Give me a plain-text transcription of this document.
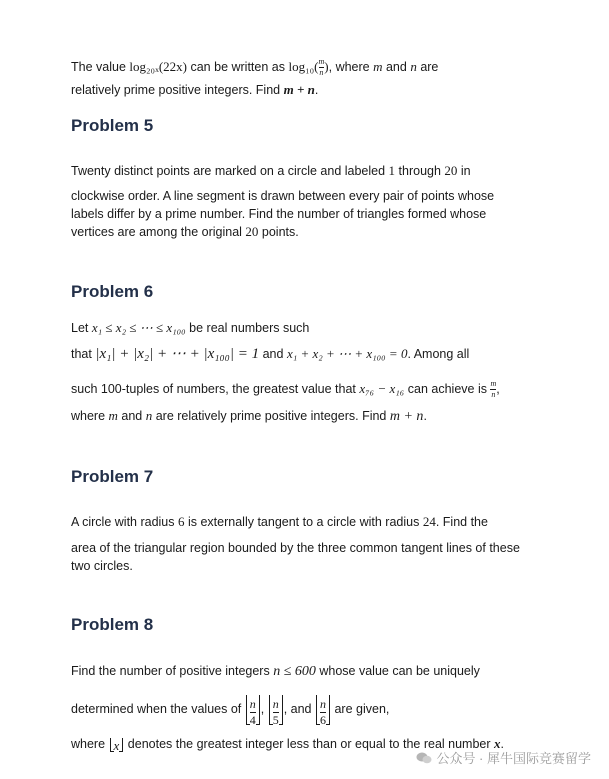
The value log₂₀ₓ(22x) can be written as $\log_{10}( \frac{m}{n}$ ), where m and n are
relatively prime positive integers. Find m + n.
Problem 5
Twenty distinct points are marked on a circle and labeled 1 through 20 in
clockwise order. A line segment is drawn between every pair of points whose
labels differ by a prime number. Find the number of triangles formed whose
vertices are among the original 20 points.
Problem 6
Let x₁ ≤ x₂ ≤ ⋯ ≤ x₁₀₀ be real numbers such
that |x₁| + |x₂| + ⋯ + |x₁₀₀| = 1 and x₁ + x₂ + ⋯ + x₁₀₀ = 0. Among all
such 100-tuples of numbers, the greatest value that x₇₆ − x₁₆ can achieve is $\frac{m}{n}$ ,
where m and n are relatively prime positive integers. Find m + n.
Problem 7
A circle with radius 6 is externally tangent to a circle with radius 24. Find the
area of the triangular region bounded by the three common tangent lines of these
two circles.
Problem 8
Find the number of positive integers n ≤ 600 whose value can be uniquely
determined when the values of $\frac{n}{4}$ , $\frac{n}{5}$ , and $\frac{n}{6}$ are given,
where x denotes the greatest integer less than or equal to the real number x.
公众号 · 犀牛国际竞赛留学
